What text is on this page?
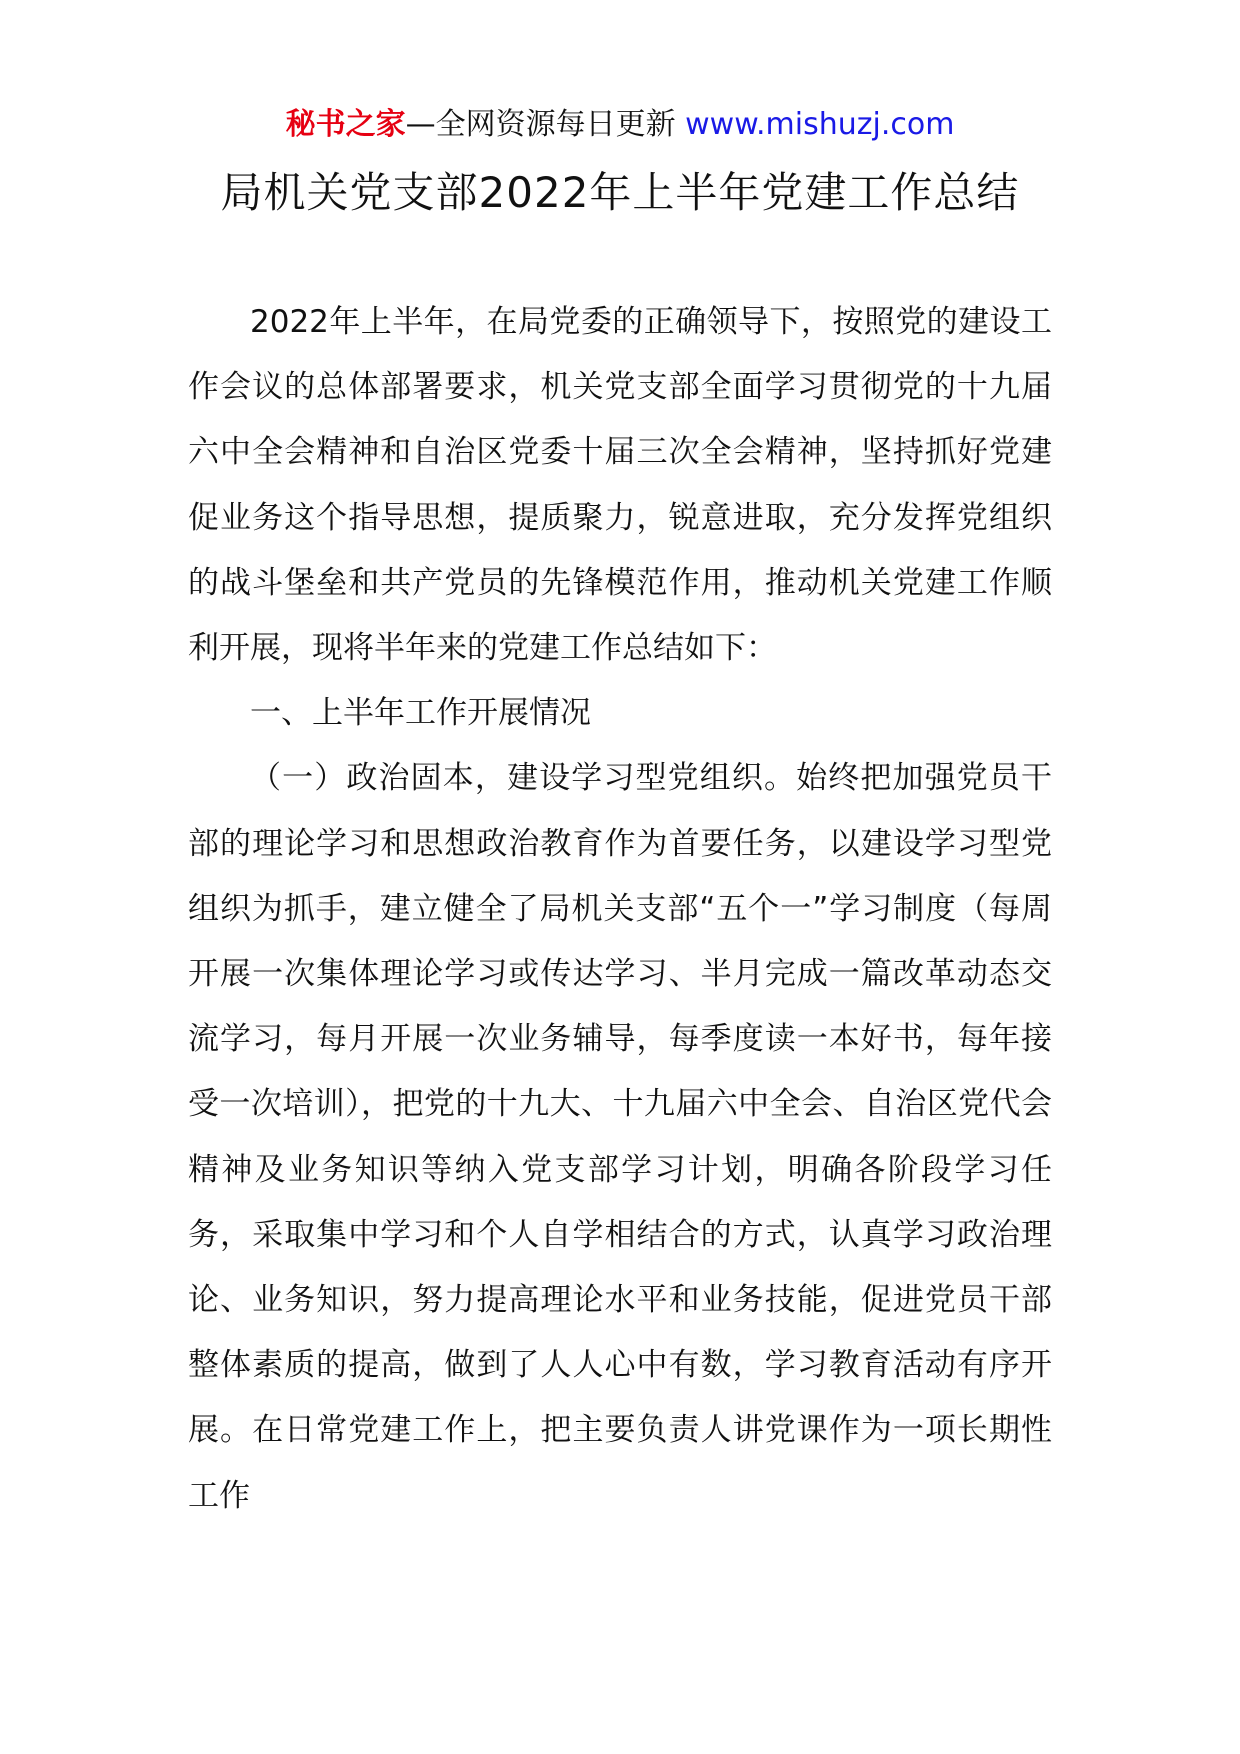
秘书之家—全网资源每日更新 www.mishuzj.com
局机关党支部2022年上半年党建工作总结

2022年上半年，在局党委的正确领导下，按照党的建设工作会议的总体部署要求，机关党支部全面学习贯彻党的十九届六中全会精神和自治区党委十届三次全会精神，坚持抓好党建促业务这个指导思想，提质聚力，锐意进取，充分发挥党组织的战斗堡垒和共产党员的先锋模范作用，推动机关党建工作顺利开展，现将半年来的党建工作总结如下：

一、上半年工作开展情况

（一）政治固本，建设学习型党组织。始终把加强党员干部的理论学习和思想政治教育作为首要任务，以建设学习型党组织为抓手，建立健全了局机关支部“五个一”学习制度（每周开展一次集体理论学习或传达学习、半月完成一篇改革动态交流学习，每月开展一次业务辅导，每季度读一本好书，每年接受一次培训），把党的十九大、十九届六中全会、自治区党代会精神及业务知识等纳入党支部学习计划，明确各阶段学习任务，采取集中学习和个人自学相结合的方式，认真学习政治理论、业务知识，努力提高理论水平和业务技能，促进党员干部整体素质的提高，做到了人人心中有数，学习教育活动有序开展。在日常党建工作上，把主要负责人讲党课作为一项长期性工作
